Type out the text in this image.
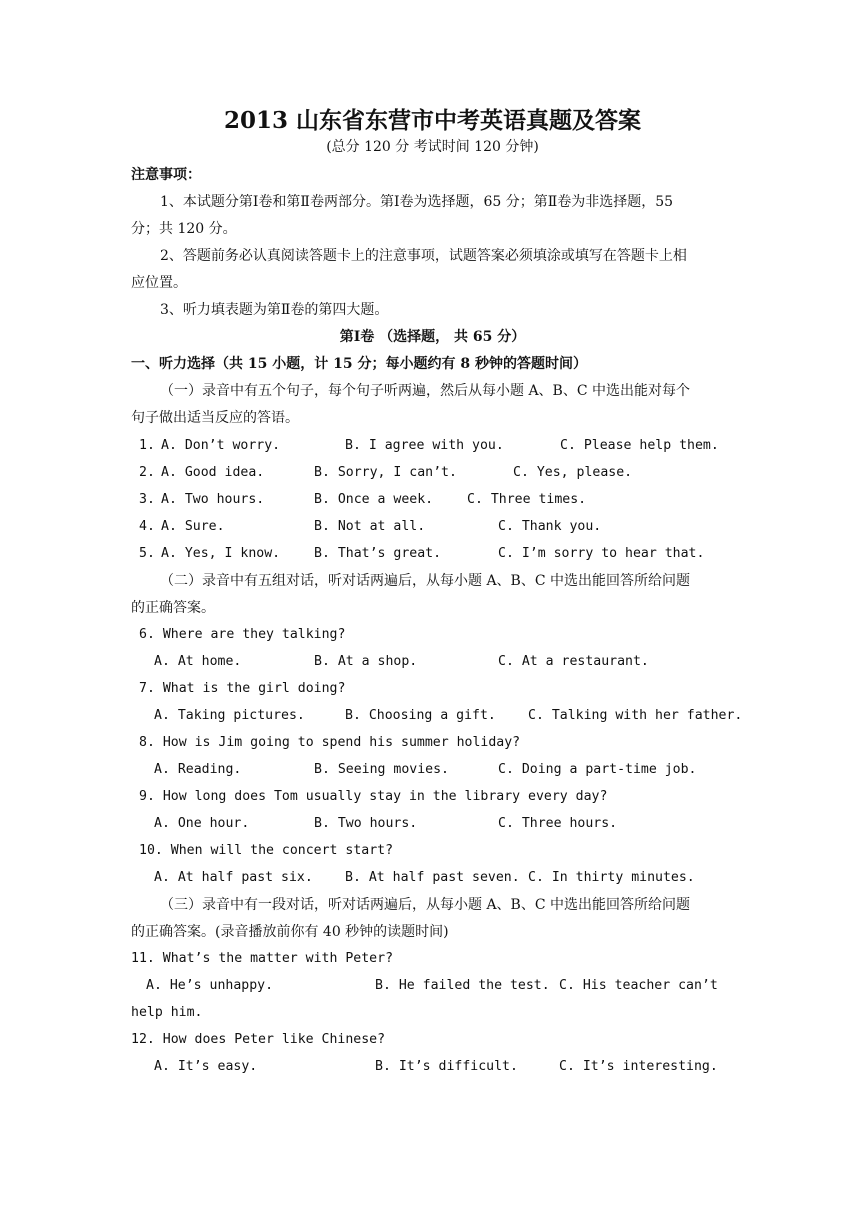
2013 山东省东营市中考英语真题及答案
(总分 120 分 考试时间 120 分钟)
注意事项：
1、本试题分第Ⅰ卷和第Ⅱ卷两部分。第Ⅰ卷为选择题，65 分；第Ⅱ卷为非选择题，55
分；共 120 分。
2、答题前务必认真阅读答题卡上的注意事项，试题答案必须填涂或填写在答题卡上相
应位置。
3、听力填表题为第Ⅱ卷的第四大题。
第Ⅰ卷 （选择题， 共 65 分）
一、听力选择（共 15 小题，计 15 分；每小题约有 8 秒钟的答题时间）
（一）录音中有五个句子，每个句子听两遍，然后从每小题 A、B、C 中选出能对每个
句子做出适当反应的答语。
1. A. Don’t worry.	B. I agree with you.	C. Please help them.
2. A. Good idea.	B. Sorry, I can’t.	C. Yes, please.
3. A. Two hours.	B. Once a week.	C. Three times.
4. A. Sure.	B. Not at all.	C. Thank you.
5. A. Yes, I know.	B. That’s great.	C. I’m sorry to hear that.
（二）录音中有五组对话，听对话两遍后，从每小题 A、B、C 中选出能回答所给问题
的正确答案。
6. Where are they talking?
A. At home.	B. At a shop.	C. At a restaurant.
7. What is the girl doing?
A. Taking pictures.	B. Choosing a gift. C. Talking with her father.
8. How is Jim going to spend his summer holiday?
A. Reading.	B. Seeing movies.	C. Doing a part-time job.
9. How long does Tom usually stay in the library every day?
A. One hour.	B. Two hours.	C. Three hours.
10. When will the concert start?
A. At half past six. B. At half past seven. C. In thirty minutes.
（三）录音中有一段对话，听对话两遍后，从每小题 A、B、C 中选出能回答所给问题
的正确答案。(录音播放前你有 40 秒钟的读题时间)
11. What’s the matter with Peter?
A. He’s unhappy.	B. He failed the test. C. His teacher can’t
help him.
12. How does Peter like Chinese?
A. It’s easy.	B. It’s difficult.	C. It’s interesting.
